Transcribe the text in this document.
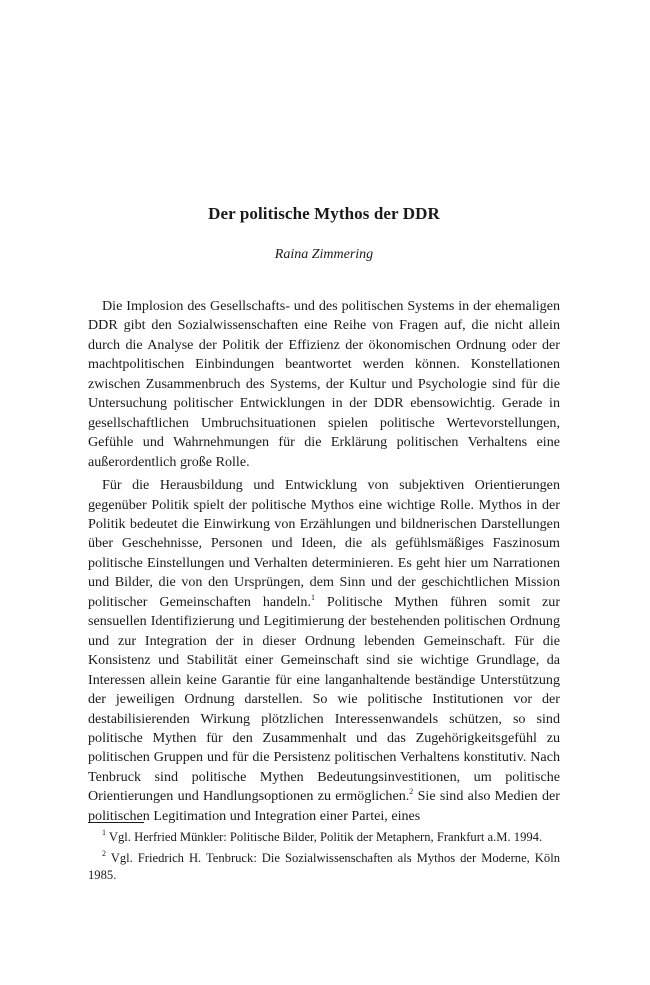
Der politische Mythos der DDR
Raina Zimmering

Die Implosion des Gesellschafts- und des politischen Systems in der ehemaligen DDR gibt den Sozialwissenschaften eine Reihe von Fragen auf, die nicht allein durch die Analyse der Politik der Effizienz der ökonomischen Ordnung oder der machtpolitischen Einbindungen beantwortet werden können. Konstellationen zwischen Zusammenbruch des Systems, der Kultur und Psychologie sind für die Untersuchung politischer Entwicklungen in der DDR ebensowichtig. Gerade in gesellschaftlichen Umbruchsituationen spielen politische Wertevorstellungen, Gefühle und Wahrnehmungen für die Erklärung politischen Verhaltens eine außerordentlich große Rolle.

Für die Herausbildung und Entwicklung von subjektiven Orientierungen gegenüber Politik spielt der politische Mythos eine wichtige Rolle. Mythos in der Politik bedeutet die Einwirkung von Erzählungen und bildnerischen Darstellungen über Geschehnisse, Personen und Ideen, die als gefühlsmäßiges Faszinosum politische Einstellungen und Verhalten determinieren. Es geht hier um Narrationen und Bilder, die von den Ursprüngen, dem Sinn und der geschichtlichen Mission politischer Gemeinschaften handeln.$^1$ Politische Mythen führen somit zur sensuellen Identifizierung und Legitimierung der bestehenden politischen Ordnung und zur Integration der in dieser Ordnung lebenden Gemeinschaft. Für die Konsistenz und Stabilität einer Gemeinschaft sind sie wichtige Grundlage, da Interessen allein keine Garantie für eine langanhaltende beständige Unterstützung der jeweiligen Ordnung darstellen. So wie politische Institutionen vor der destabilisierenden Wirkung plötzlichen Interessenwandels schützen, so sind politische Mythen für den Zusammenhalt und das Zugehörigkeitsgefühl zu politischen Gruppen und für die Persistenz politischen Verhaltens konstitutiv. Nach Tenbruck sind politische Mythen Bedeutungsinvestitionen, um politische Orientierungen und Handlungsoptionen zu ermöglichen.$^2$ Sie sind also Medien der politischen Legitimation und Integration einer Partei, eines

$^1$ Vgl. Herfried Münkler: Politische Bilder, Politik der Metaphern, Frankfurt a.M. 1994.

$^2$ Vgl. Friedrich H. Tenbruck: Die Sozialwissenschaften als Mythos der Moderne, Köln 1985.
